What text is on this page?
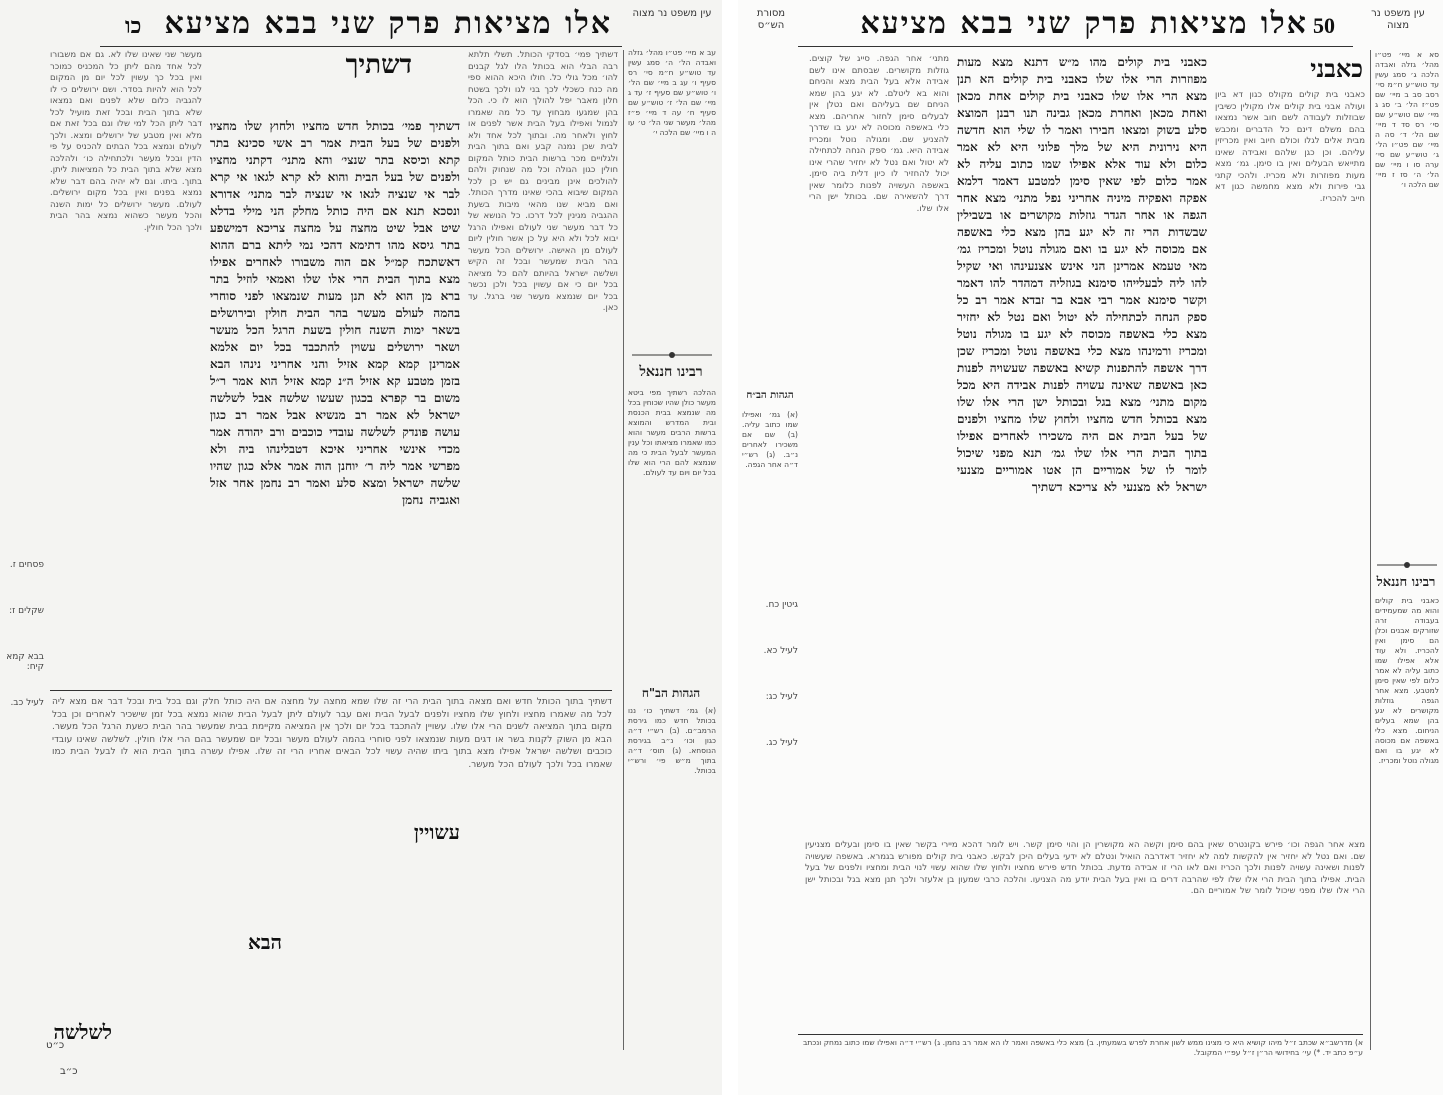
אלו מציאות פרק שני בבא מציעא כו	עין משפט נר מצוה
עב א מיי׳ פט״ו מהל׳ גזלה ואבדה הל׳ ה׳ סמג עשין עד טוש״ע ח״מ סי׳ רס סעיף ו׳ עג ב מיי׳ שם הל׳ ו׳ טוש״ע שם סעיף ז׳ עד ג מיי׳ שם הל׳ ז׳ טוש״ע שם סעיף ח׳ עה ד מיי׳ פ״ז מהל׳ מעשר שני הל׳ ט׳ עו ה ו מיי׳ שם הלכה י׳
רבינו חננאל
ההלכה רשתיך מפי ביטא מעשר כולן שהיו שכוחין בכל מה שנמצא בבית הכנסת ובית המדרש והמוצא ברשות הרבים מעשר והוא כמו שאמרו מציאתו וכל ענין המעשר לבעל הבית כי מה שנמצא להם הרי הוא שלו בכל יום ויום עד לעולם.
הגהות הב"ח
(א) גמ׳ דשתיך כו׳ ננו בכותל חדש כמו גירסת הרמב״ם. (ב) רש״י ד״ה כגון וכו׳ נ״ב בגירסת הנוסחא. (ג) תוס׳ ד״ה בתוך מ״ש פי׳ ורש״י בכותל.
דשתיך פמי׳ בסדקי הכותל. תשלי תלתא רבה הבלי הוא בכותל הלו לגל קבנים להו׳ מכל גולי כל. חולו היכא ההוא ספי מה כנח כשכלי לכך בני לגו ולכך בשטח חלון מאבר יפל להולך הוא לו כי. הכל בהן שמגעו מבחוץ עד כל מה שאמרו לנמול ואפילו בעל הבית אשר לפנים או לחוץ ולאחר מה. ובתוך לכל אחד ולא לבית שכן נמנה קבע ואם בתוך הבית ולגלויים מכר ברשות הבית כותל המקום חולין כגון הגולה וכל מה שנחוק ולהם להולכים אינן מבינים גם יש כן לכל המקום שיבוא בהכי שאינו מדרך הכותל. ואם מביא שנו מהאי מיבות בשעת ההגביה מגינין לכל דרכו. כל הנושא של כל דבר מעשר שני לעולם ואפילו הרגל יבוא לכל ולא היא על כן אשר חולין ליום לעולם מן האישה. ירושלים הכל מעשר בהר הבית שמעשר ובכל זה הקיש ושלשה ישראל בהיותם להם כל מציאה בכל יום כי אם עשוין בכל ולכן נכשר בכל יום שנמצא מעשר שני ברגל. עד כאן.
דשתיך
דשתיך פמי׳ בכותל חדש מחציו ולחוץ שלו מחציו ולפנים של בעל הבית אמר רב אשי סכינא בתר קתא וכיסא בתר שנצי׳ והא מתני׳ דקתני מחציו ולפנים של בעל הבית והוא לא קרא לגאו אי קרא לבר אי שנציה לגאו אי שנציה לבר מתני׳ אדורא ונסכא תנא אם היה כותל מחלק הני מילי בדלא שיט אבל שיט מחצה על מחצה צריכא דמישפע בתר גיסא מהו דתימא דהכי נמי ליתא ברם ההוא דאשתכח קמ״ל אם הוה משבורו לאחרים אפילו מצא בתוך הבית הרי אלו שלו ואמאי לוזיל בתר ברא מן הוא לא תנן מעות שנמצאו לפני סוחרי בהמה לעולם מעשר בהר הבית חולין ובירושלים בשאר ימות השנה חולין בשעת הרגל הכל מעשר ושאר ירושלים עשוין להתכבד בכל יום אלמא אמרינן קמא קמא אזיל והני אחריני נינהו הבא בזמן מטבע קא אזיל ה״נ קמא אזיל הוא אמר ר״ל משום בר קפרא בכגון שעשו שלשה אבל לשלשה ישראל לא אמר רב מנשיא אבל אמר רב כגון עושה פונדק לשלשה עובדי כוכבים ורב יהודה אמר מכדי אינשי אחריני איכא דטבלינהו ביה ולא מפרשי אמר ליה ר׳ יוחנן הוה אמר אלא כגון שהיו שלשה ישראל ומצא סלע ואמר רב נחמן אחר אזל ואגביה נחמן
מעשר שני שאינו שלו לא. גם אם משבורו לכל אחד מהם ליתן כל המכניס כמוכר ואין בכל כך עשוין לכל יום מן המקום לכל הוא להיות בסדר. ושם ירושלים כי לו להגביה כלום שלא לפנים ואם נמצאו שלא בתוך הבית ובכל זאת מועיל לכל דבר ליתן הכל למי שלו וגם בכל זאת אם מלא ואין מטבע של ירושלים ומצא. ולכך לעולם ונמצא בכל הבתים להכניס על פי הדין ובכל מעשר ולכתחילה כו׳ ולהלכה מצא שלא בתוך הבית כל המציאות ליתן. בתוך. ביתו. וגם לא יהיה בהם דבר שלא נמצא בפנים ואין בכל מקום ירושלים. לעולם. מעשר ירושלים כל ימות השנה והכל מעשר כשהוא נמצא בהר הבית ולכך הכל חולין.
פסחים ז.
שקלים ז:
בבא קמא קיח:
לעיל כב.
עשויין
הבא
לשלשה
דשתיך בתוך הכותל חדש ואם מצאה בתוך הבית הרי זה שלו שמא מחצה על מחצה אם היה כותל חלק וגם בכל בית ובכל דבר אם מצא ליה לכל מה שאמרו מחציו ולחוץ שלו מחציו ולפנים לבעל הבית ואם עבר לעולם ליתן לבעל הבית שהוא נמצא בכל זמן שישכיר לאחרים וכן בכל מקום בתוך המציאה לשנים הרי אלו שלו. עשויין להתכבד בכל יום ולכך אין המציאה מקיימת בבית שמעשר בהר הבית כשעת הרגל הכל מעשר. הבא מן השוק לקנות בשר או דגים מעות שנמצאו לפני סוחרי בהמה לעולם מעשר ובכל יום שמעשר בהם הרי אלו חולין. לשלשה שאינו עובדי כוכבים ושלשה ישראל אפילו מצא בתוך ביתו שהיה עשוי לכל הבאים אחריו הרי זה שלו. אפילו עשרה בתוך הבית הוא לו לבעל הבית כמו שאמרו בכל ולכך לעולם הכל מעשר.
כ״ט
כ״ב
עין משפט נר מצוה
50 אלו מציאות פרק שני בבא מציעא
מסורת הש״ס
סא א מיי׳ פט״ו מהל׳ גזלה ואבדה הלכה ג׳ סמג עשין עד טוש״ע ח״מ סי׳ רסב סב ב מיי׳ שם פט״ז הל׳ ב׳ סג ג מיי׳ שם טוש״ע שם סי׳ רס סד ד מיי׳ שם הל׳ ד׳ סה ה מיי׳ שם פט״ו הל׳ ג׳ טוש״ע שם סי׳ ערה סו ו מיי׳ שם הל׳ ה׳ סז ז מיי׳ שם הלכה ו׳
רבינו חננאל
כאבני בית קולים והוא מה שמעמידים בעבודה זרה שזורקים אבנים וכלן הם סימן ואין להכריז. ולא עוד אלא אפילו שמו כתוב עליה לא אמר כלום לפי שאין סימן למטבע. מצא אחר הגפה גוזלות מקושרים לא יגע בהן שמא בעלים הניחום. מצא כלי באשפה אם מכוסה לא יגע בו ואם מגולה נוטל ומכריז.
כאבני
כאבני בית קולים מקולס כגון דא ביון ועולה אבני בית קולים אלו מקולין כשיבין שבוזלות לעבודה לשם חוב אשר נמצאו בהם משלם דינם כל הדברים ומכבש מבית אלים לגלו וכולם חיוב ואין מכריזין עליהם. וכן כגן שלהם ואבידה שאינו מתייאש הבעלים ואין בו סימן. גמ׳ מצא מעות מפוזרות ולא מכריז. ולהכי קתני גבי פירות ולא מצא מחמשה כגון דא חייב להכריז.
כאבני בית קולים מהו מ״ש דתנא מצא מעות מפוזרות הרי אלו שלו כאבני בית קולים הא תנן מצא הרי אלו שלו כאבני בית קולים אחת מכאן ואחת מכאן ואחרת מכאן גבינה תנו רבנן המוצא סלע בשוק ומצאו חבירו ואמר לו שלי הוא חדשה היא נירונית היא של מלך פלוני היא לא אמר כלום ולא עוד אלא אפילו שמו כתוב עליה לא אמר כלום לפי שאין סימן למטבע דאמר דלמא אפקה ואפקיה מיניה אחריני נפל מתני׳ מצא אחר הגפה או אחר הגדר גוזלות מקושרים או בשבילין שבשדות הרי זה לא יגע בהן מצא כלי באשפה אם מכוסה לא יגע בו ואם מגולה נוטל ומכריז גמ׳ מאי טעמא אמרינן הני אינש אצנעינהו ואי שקיל להו ליה לבעלייהו סימנא בגוזליה דמהדר להו דאמר וקשר סימנא אמר רבי אבא בר זבדא אמר רב כל ספק הנחה לכתחילה לא יטול ואם נטל לא יחזיר מצא כלי באשפה מכוסה לא יגע בו מגולה נוטל ומכריז ורמינהו מצא כלי באשפה נוטל ומכריז שכן דרך אשפה להתפנות קשיא באשפה שעשויה לפנות כאן באשפה שאינה עשויה לפנות אבידה היא מכל מקום מתני׳ מצא בגל ובכותל ישן הרי אלו שלו מצא בכותל חדש מחציו ולחוץ שלו מחציו ולפנים של בעל הבית אם היה משכירו לאחרים אפילו בתוך הבית הרי אלו שלו גמ׳ תנא מפני שיכול לומר לו של אמוריים הן אטו אמוריים מצנעי ישראל לא מצנעי לא צריכא דשתיך
מתני׳ אחר הגפה. סייג של קוצים. גוזלות מקושרים. שבסתם אינו לשם אבידה אלא בעל הבית מצא והניחם והוא בא ליטלם. לא יגע בהן שמא הניחם שם בעליהם ואם נטלן אין לבעלים סימן לחזור אחריהם. מצא כלי באשפה מכוסה לא יגע בו שדרך להצניע שם. ומגולה נוטל ומכריז אבידה היא. גמ׳ ספק הנחה לכתחילה לא יטול ואם נטל לא יחזיר שהרי אינו יכול להחזיר לו כיון דלית ביה סימן. באשפה העשויה לפנות כלומר שאין דרך להשאירה שם. בכותל ישן הרי אלו שלו.
הגהות הב״ח
(א) גמ׳ ואפילו שמו כתוב עליה. (ב) שם אם משכירו לאחרים נ״ב. (ג) רש״י ד״ה אחר הגפה.
גיטין כח.
לעיל כא.
לעיל כג:
לעיל כג.
מצא אחר הגפה וכו׳ פירש בקונטרס שאין בהם סימן וקשה הא מקושרין הן והוי סימן קשר. ויש לומר דהכא מיירי בקשר שאין בו סימן ובעלים מצניעין שם. ואם נטל לא יחזיר אין להקשות למה לא יחזיר דאדרבה הואיל ונטלם לא ידעי בעלים היכן לבקש. כאבני בית קולים מפורש בגמרא. באשפה שעשויה לפנות ושאינה עשויה לפנות ולכך הכריז ואם לאו הרי זו אבידה מדעת. בכותל חדש פירש מחציו ולחוץ שלו שהוא עשוי לנוי הבית ומחציו ולפנים של בעל הבית. אפילו בתוך הבית הרי אלו שלו לפי שהרבה דרים בו ואין בעל הבית יודע מה הצניעו. והלכה כרבי שמעון בן אלעזר ולכך תנן מצא בגל ובכותל ישן הרי אלו שלו מפני שיכול לומר של אמוריים הם.
א) מדרשב״א שכתב ז״ל מיהו קושיא היא כי מצינו ממש לשון אחרת לפרש בשמעתין. ב) מצא כלי באשפה ואמר לו הא אמר רב נחמן. ג) רש״י ד״ה ואפילו שמו כתוב נמחק ונכתב ע״פ כתב יד. *) עי׳ בחידושי הר״ן ז״ל עפ״י המקובל.
